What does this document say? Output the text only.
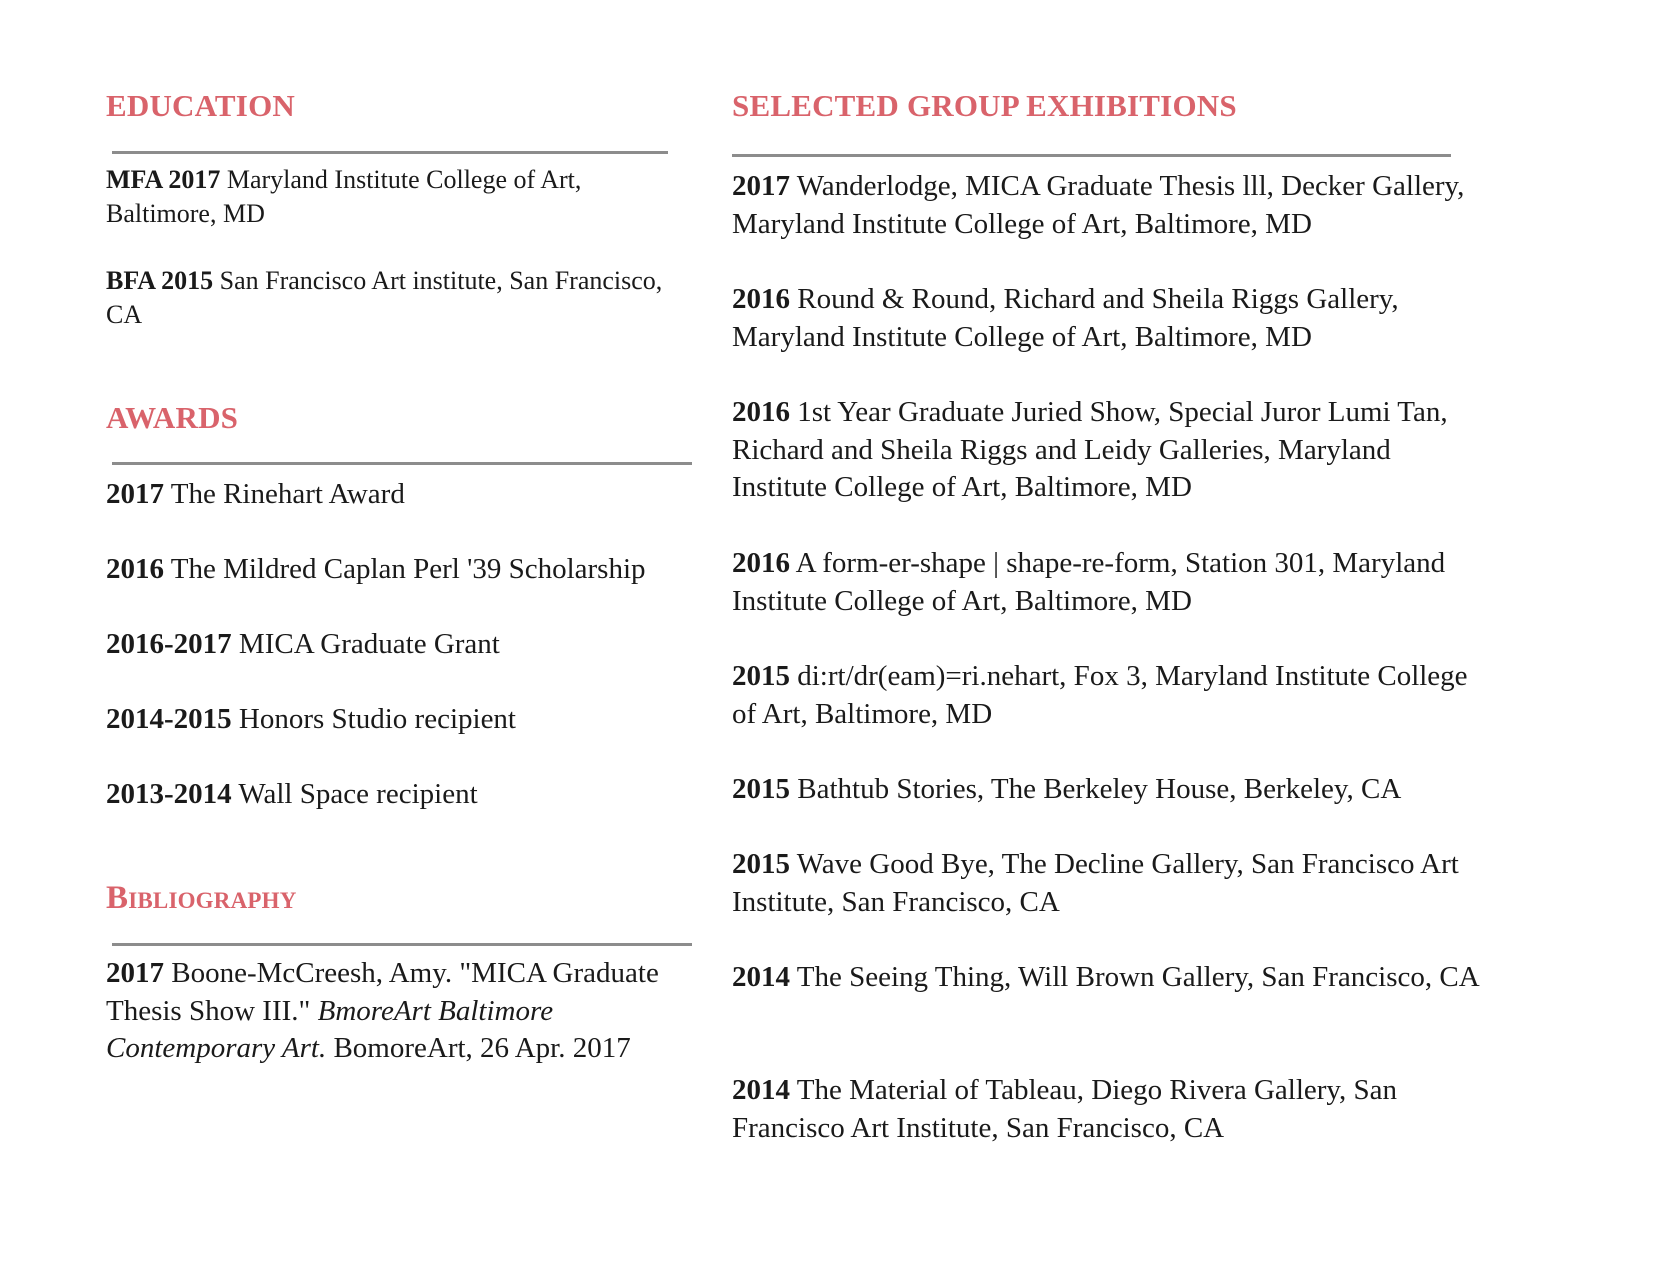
EDUCATION

MFA 2017 Maryland Institute College of Art, Baltimore, MD

BFA 2015 San Francisco Art institute, San Francisco, CA

AWARDS

2017 The Rinehart Award

2016 The Mildred Caplan Perl '39 Scholarship

2016-2017 MICA Graduate Grant

2014-2015 Honors Studio recipient

2013-2014 Wall Space recipient

Bibliography

2017 Boone-McCreesh, Amy. "MICA Graduate Thesis Show III." BmoreArt Baltimore Contemporary Art. BomoreArt, 26 Apr. 2017

SELECTED GROUP EXHIBITIONS

2017 Wanderlodge, MICA Graduate Thesis lll, Decker Gallery, Maryland Institute College of Art, Baltimore, MD

2016 Round & Round, Richard and Sheila Riggs Gallery, Maryland Institute College of Art, Baltimore, MD

2016 1st Year Graduate Juried Show, Special Juror Lumi Tan, Richard and Sheila Riggs and Leidy Galleries, Maryland Institute College of Art, Baltimore, MD

2016 A form-er-shape | shape-re-form, Station 301, Maryland Institute College of Art, Baltimore, MD

2015 di:rt/dr(eam)=ri.nehart, Fox 3, Maryland Institute College of Art, Baltimore, MD

2015 Bathtub Stories, The Berkeley House, Berkeley, CA

2015 Wave Good Bye, The Decline Gallery, San Francisco Art Institute, San Francisco, CA

2014 The Seeing Thing, Will Brown Gallery, San Francisco, CA

2014 The Material of Tableau, Diego Rivera Gallery, San Francisco Art Institute, San Francisco, CA
